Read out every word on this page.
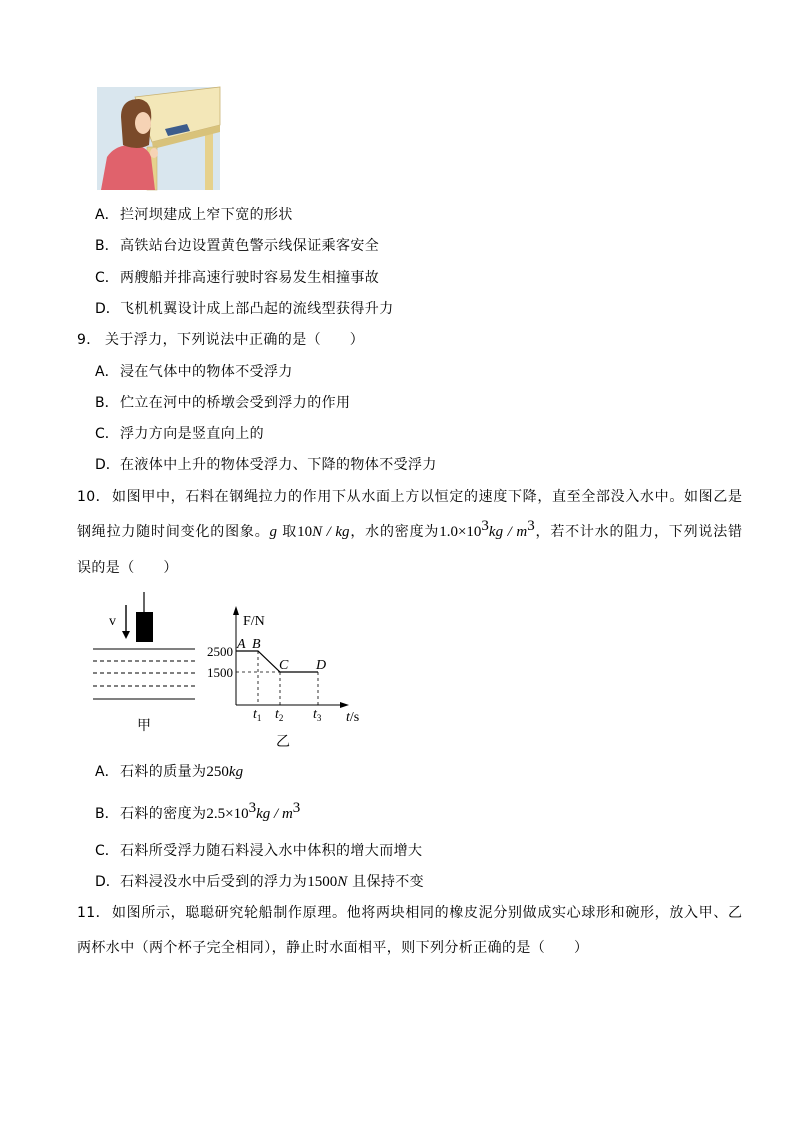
A．拦河坝建成上窄下宽的形状
B．高铁站台边设置黄色警示线保证乘客安全
C．两艘船并排高速行驶时容易发生相撞事故
D．飞机机翼设计成上部凸起的流线型获得升力
9． 关于浮力，下列说法中正确的是（　　）
A．浸在气体中的物体不受浮力
B．伫立在河中的桥墩会受到浮力的作用
C．浮力方向是竖直向上的
D．在液体中上升的物体受浮力、下降的物体不受浮力
10． 如图甲中，石料在钢绳拉力的作用下从水面上方以恒定的速度下降，直至全部没入水中。如图乙是
钢绳拉力随时间变化的图象。g 取10N / kg，水的密度为$1.0\times 10^3kg / m^3$，若不计水的阻力，下列说法错
误的是（　　）
v
甲
F/N
t/s
2500
1500
A B
C D
$t_1$ $t_2$ $t_3$
乙
A．石料的质量为250kg
B．石料的密度为$2.5\times 10^3kg / m^3$
C．石料所受浮力随石料浸入水中体积的增大而增大
D．石料浸没水中后受到的浮力为1500N 且保持不变
11． 如图所示，聪聪研究轮船制作原理。他将两块相同的橡皮泥分别做成实心球形和碗形，放入甲、乙
两杯水中（两个杯子完全相同），静止时水面相平，则下列分析正确的是（　　）
